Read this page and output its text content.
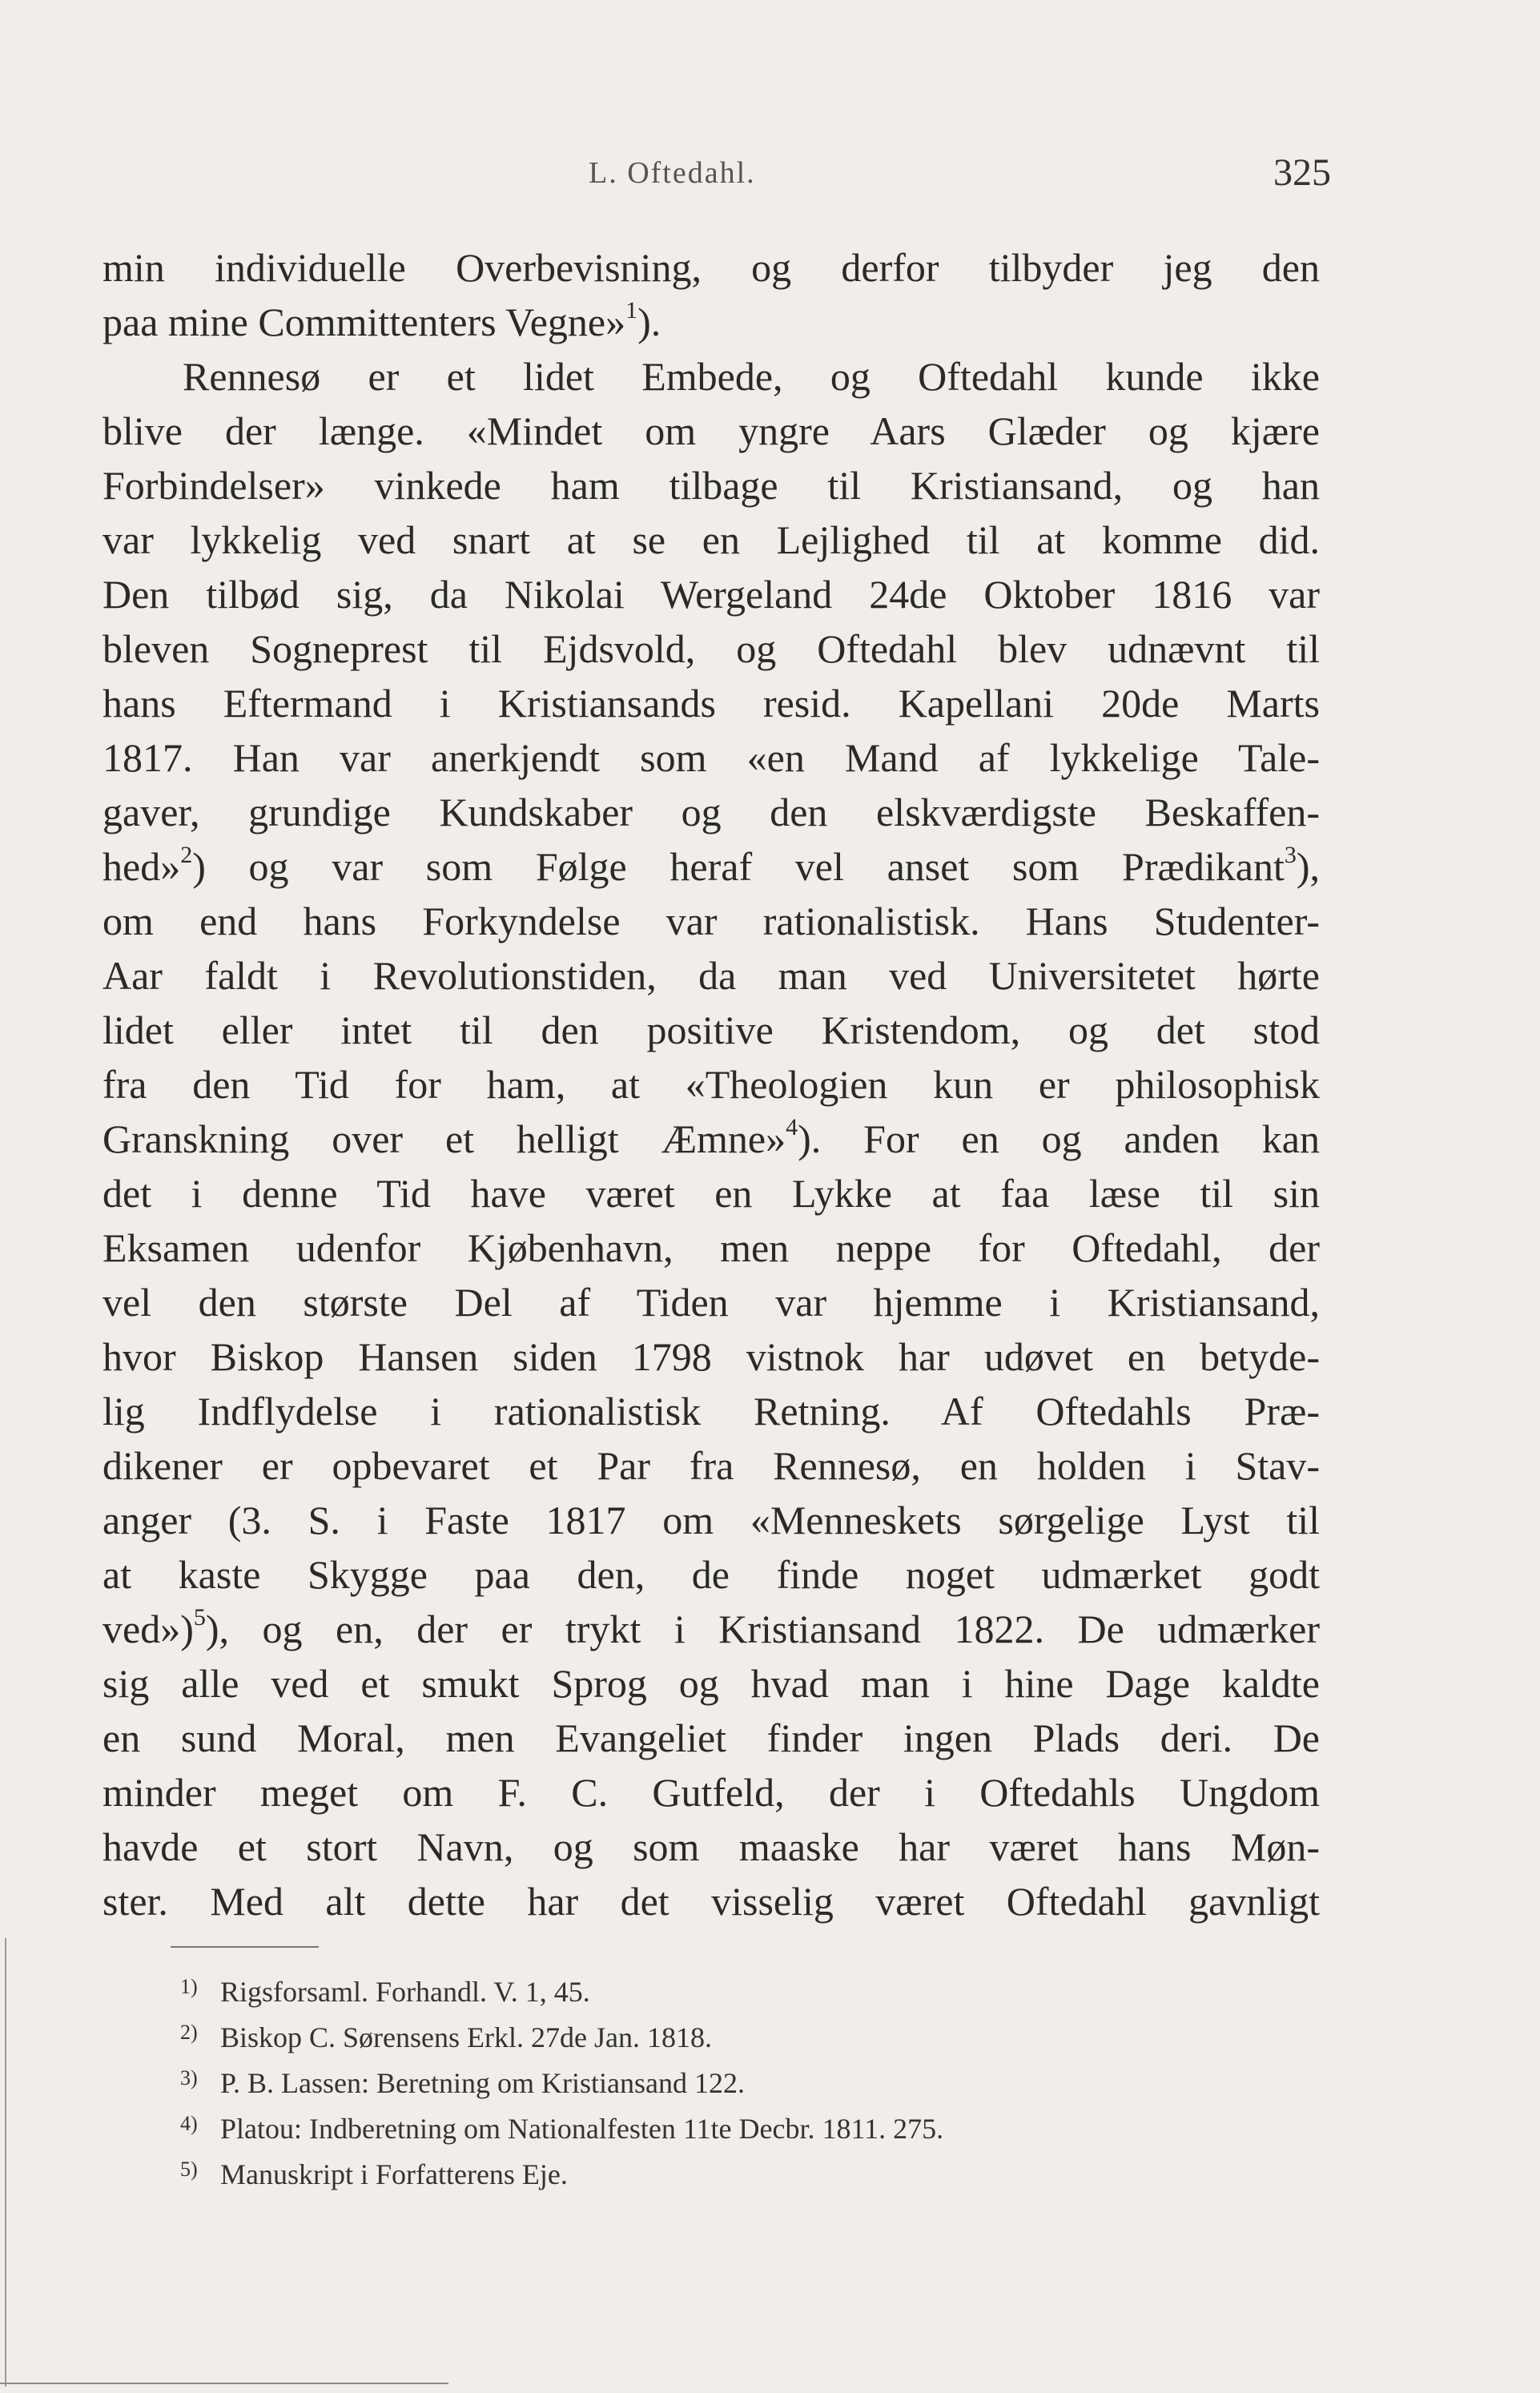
L. Oftedahl.	325
min individuelle Overbevisning, og derfor tilbyder jeg den
paa mine Committenters Vegne»$^1$).
Rennesø er et lidet Embede, og Oftedahl kunde ikke
blive der længe. «Mindet om yngre Aars Glæder og kjære
Forbindelser» vinkede ham tilbage til Kristiansand, og han
var lykkelig ved snart at se en Lejlighed til at komme did.
Den tilbød sig, da Nikolai Wergeland 24de Oktober 1816 var
bleven Sogneprest til Ejdsvold, og Oftedahl blev udnævnt til
hans Eftermand i Kristiansands resid. Kapellani 20de Marts
1817. Han var anerkjendt som «en Mand af lykkelige Tale-
gaver, grundige Kundskaber og den elskværdigste Beskaffen-
hed»$^2$) og var som Følge heraf vel anset som Prædikant$^3$),
om end hans Forkyndelse var rationalistisk. Hans Studenter-
Aar faldt i Revolutionstiden, da man ved Universitetet hørte
lidet eller intet til den positive Kristendom, og det stod
fra den Tid for ham, at «Theologien kun er philosophisk
Granskning over et helligt Æmne»$^4$). For en og anden kan
det i denne Tid have været en Lykke at faa læse til sin
Eksamen udenfor Kjøbenhavn, men neppe for Oftedahl, der
vel den største Del af Tiden var hjemme i Kristiansand,
hvor Biskop Hansen siden 1798 vistnok har udøvet en betyde-
lig Indflydelse i rationalistisk Retning. Af Oftedahls Præ-
dikener er opbevaret et Par fra Rennesø, en holden i Stav-
anger (3. S. i Faste 1817 om «Menneskets sørgelige Lyst til
at kaste Skygge paa den, de finde noget udmærket godt
ved»)$^5$), og en, der er trykt i Kristiansand 1822. De udmærker
sig alle ved et smukt Sprog og hvad man i hine Dage kaldte
en sund Moral, men Evangeliet finder ingen Plads deri. De
minder meget om F. C. Gutfeld, der i Oftedahls Ungdom
havde et stort Navn, og som maaske har været hans Møn-
ster. Med alt dette har det visselig været Oftedahl gavnligt
1) Rigsforsaml. Forhandl. V. 1, 45.
2) Biskop C. Sørensens Erkl. 27de Jan. 1818.
3) P. B. Lassen: Beretning om Kristiansand 122.
4) Platou: Indberetning om Nationalfesten 11te Decbr. 1811. 275.
5) Manuskript i Forfatterens Eje.
